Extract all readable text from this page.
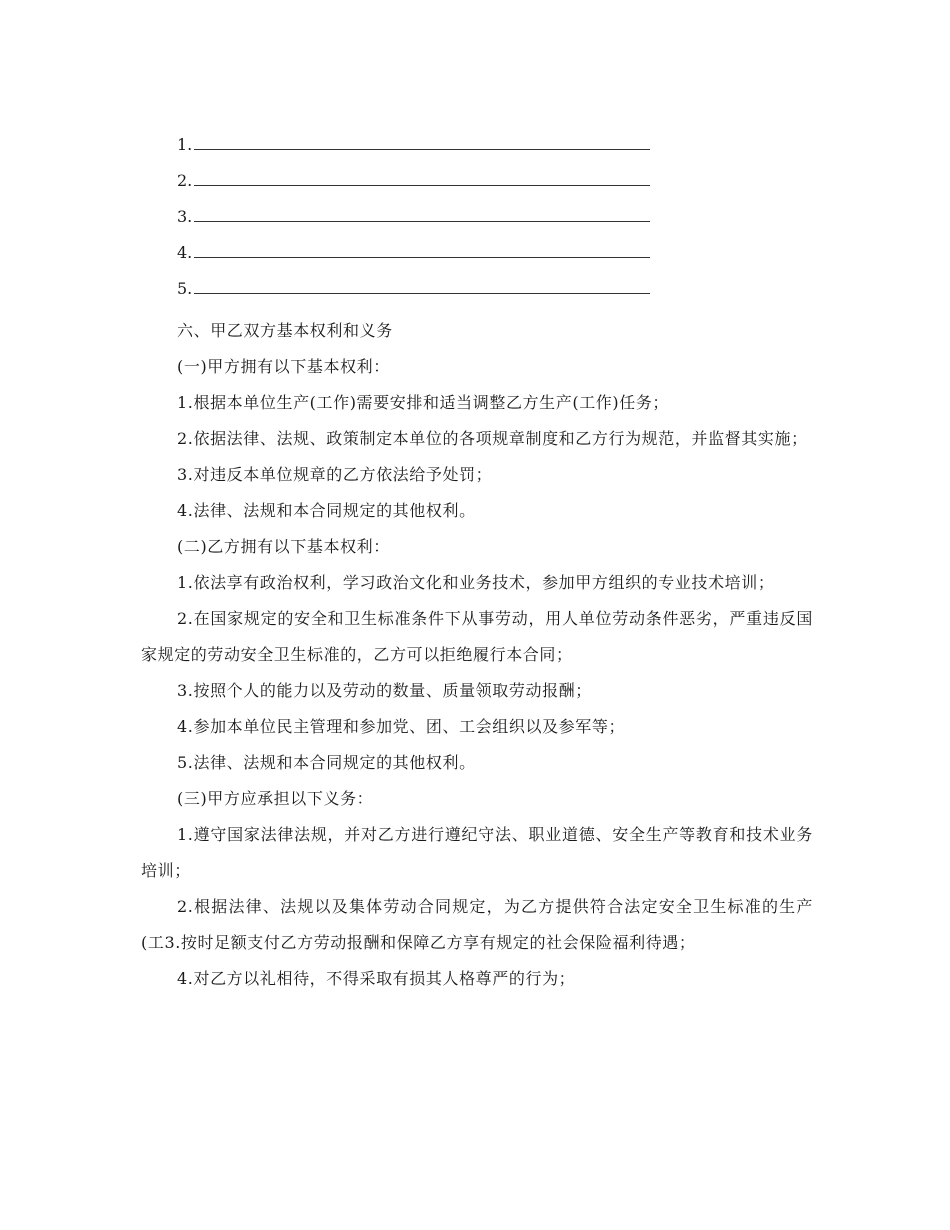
1.
2.
3.
4.
5.

六、甲乙双方基本权利和义务

(一)甲方拥有以下基本权利：

1.根据本单位生产(工作)需要安排和适当调整乙方生产(工作)任务；

2.依据法律、法规、政策制定本单位的各项规章制度和乙方行为规范，并监督其实施；

3.对违反本单位规章的乙方依法给予处罚；

4.法律、法规和本合同规定的其他权利。

(二)乙方拥有以下基本权利：

1.依法享有政治权利，学习政治文化和业务技术，参加甲方组织的专业技术培训；

2.在国家规定的安全和卫生标准条件下从事劳动，用人单位劳动条件恶劣，严重违反国家规定的劳动安全卫生标准的，乙方可以拒绝履行本合同；

3.按照个人的能力以及劳动的数量、质量领取劳动报酬；

4.参加本单位民主管理和参加党、团、工会组织以及参军等；

5.法律、法规和本合同规定的其他权利。

(三)甲方应承担以下义务：

1.遵守国家法律法规，并对乙方进行遵纪守法、职业道德、安全生产等教育和技术业务培训；

2.根据法律、法规以及集体劳动合同规定，为乙方提供符合法定安全卫生标准的生产(工3.按时足额支付乙方劳动报酬和保障乙方享有规定的社会保险福利待遇；

4.对乙方以礼相待，不得采取有损其人格尊严的行为；
